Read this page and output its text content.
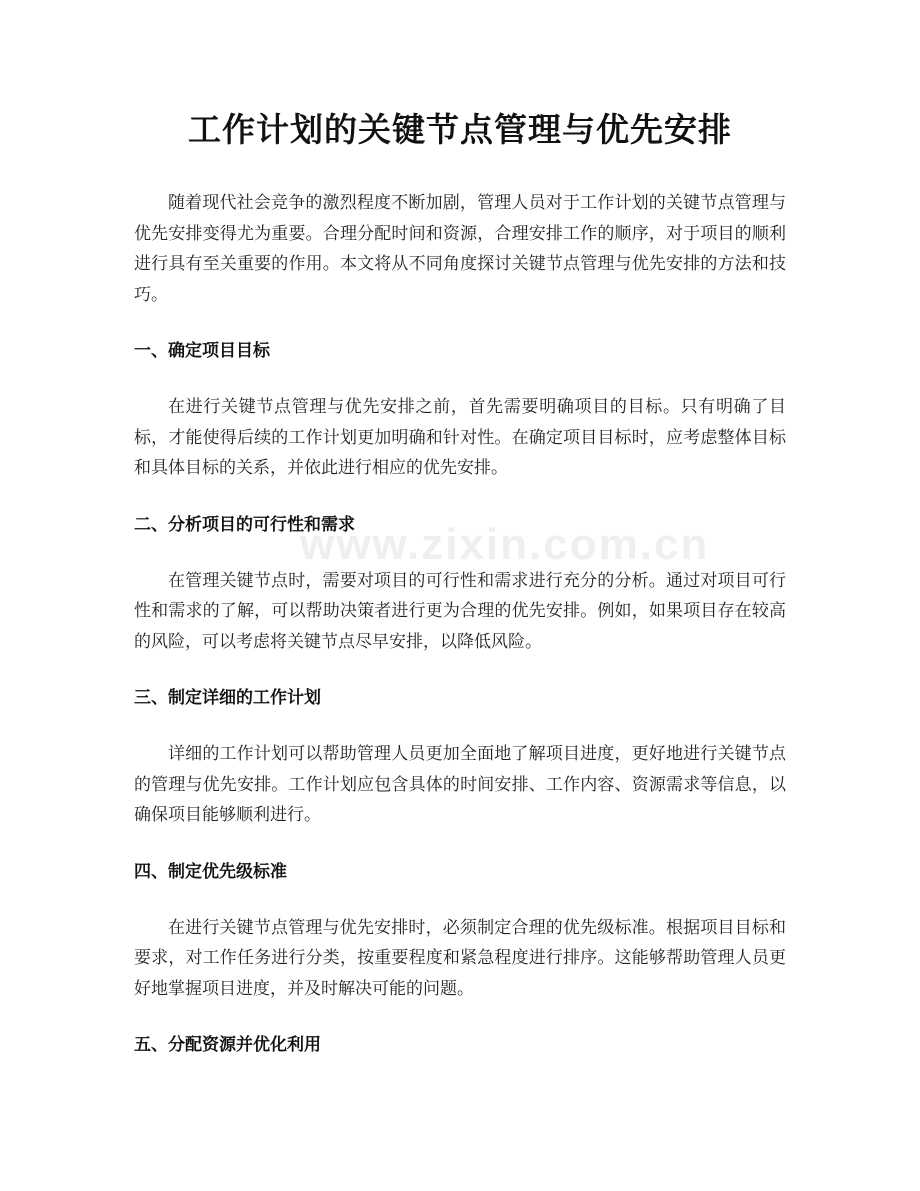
工作计划的关键节点管理与优先安排

随着现代社会竞争的激烈程度不断加剧，管理人员对于工作计划的关键节点管理与优先安排变得尤为重要。合理分配时间和资源，合理安排工作的顺序，对于项目的顺利进行具有至关重要的作用。本文将从不同角度探讨关键节点管理与优先安排的方法和技巧。

一、确定项目目标

在进行关键节点管理与优先安排之前，首先需要明确项目的目标。只有明确了目标，才能使得后续的工作计划更加明确和针对性。在确定项目目标时，应考虑整体目标和具体目标的关系，并依此进行相应的优先安排。

二、分析项目的可行性和需求

在管理关键节点时，需要对项目的可行性和需求进行充分的分析。通过对项目可行性和需求的了解，可以帮助决策者进行更为合理的优先安排。例如，如果项目存在较高的风险，可以考虑将关键节点尽早安排，以降低风险。

三、制定详细的工作计划

详细的工作计划可以帮助管理人员更加全面地了解项目进度，更好地进行关键节点的管理与优先安排。工作计划应包含具体的时间安排、工作内容、资源需求等信息，以确保项目能够顺利进行。

四、制定优先级标准

在进行关键节点管理与优先安排时，必须制定合理的优先级标准。根据项目目标和要求，对工作任务进行分类，按重要程度和紧急程度进行排序。这能够帮助管理人员更好地掌握项目进度，并及时解决可能的问题。

五、分配资源并优化利用
www.zixin.com.cn
